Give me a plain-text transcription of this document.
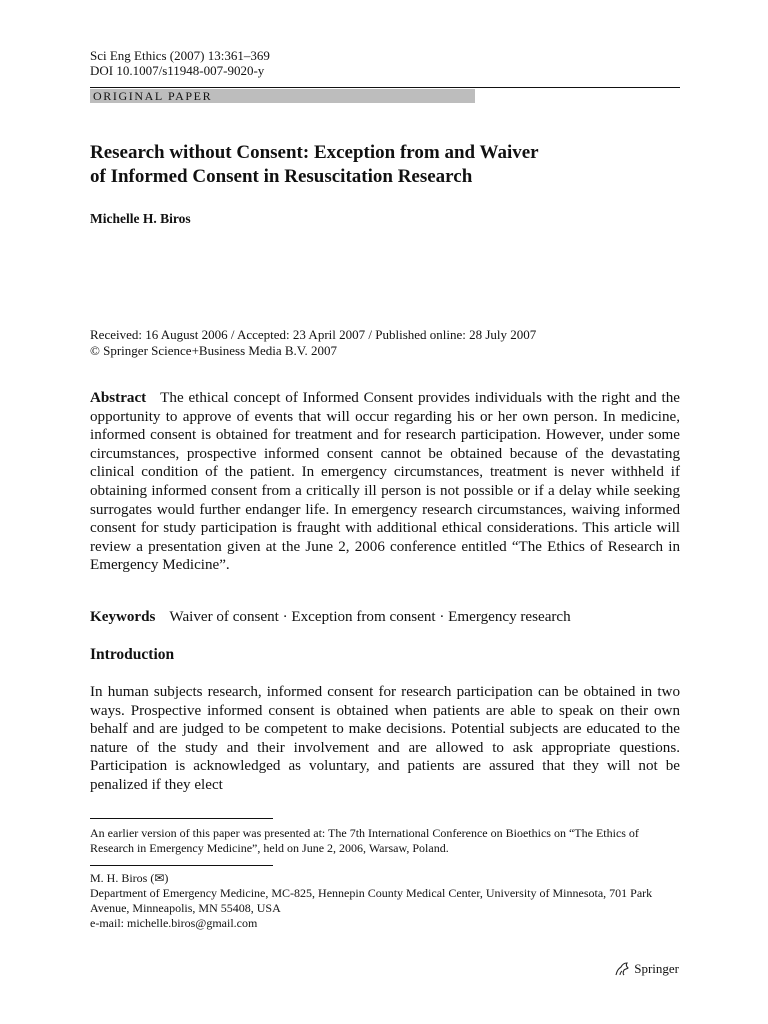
Sci Eng Ethics (2007) 13:361–369
DOI 10.1007/s11948-007-9020-y
ORIGINAL PAPER
Research without Consent: Exception from and Waiver
of Informed Consent in Resuscitation Research
Michelle H. Biros
Received: 16 August 2006 / Accepted: 23 April 2007 / Published online: 28 July 2007
© Springer Science+Business Media B.V. 2007
Abstract The ethical concept of Informed Consent provides individuals with the right and the opportunity to approve of events that will occur regarding his or her own person. In medicine, informed consent is obtained for treatment and for research participation. However, under some circumstances, prospective informed consent cannot be obtained because of the devastating clinical condition of the patient. In emergency circumstances, treatment is never withheld if obtaining informed consent from a critically ill person is not possible or if a delay while seeking surrogates would further endanger life. In emergency research circumstances, waiving informed consent for study participation is fraught with additional ethical considerations. This article will review a presentation given at the June 2, 2006 conference entitled “The Ethics of Research in Emergency Medicine”.
Keywords Waiver of consent · Exception from consent · Emergency research
Introduction
In human subjects research, informed consent for research participation can be obtained in two ways. Prospective informed consent is obtained when patients are able to speak on their own behalf and are judged to be competent to make decisions. Potential subjects are educated to the nature of the study and their involvement and are allowed to ask appropriate questions. Participation is acknowledged as voluntary, and patients are assured that they will not be penalized if they elect
An earlier version of this paper was presented at: The 7th International Conference on Bioethics on “The Ethics of Research in Emergency Medicine”, held on June 2, 2006, Warsaw, Poland.
M. H. Biros (✉)
Department of Emergency Medicine, MC-825, Hennepin County Medical Center, University of Minnesota, 701 Park Avenue, Minneapolis, MN 55408, USA
e-mail: michelle.biros@gmail.com
Springer
